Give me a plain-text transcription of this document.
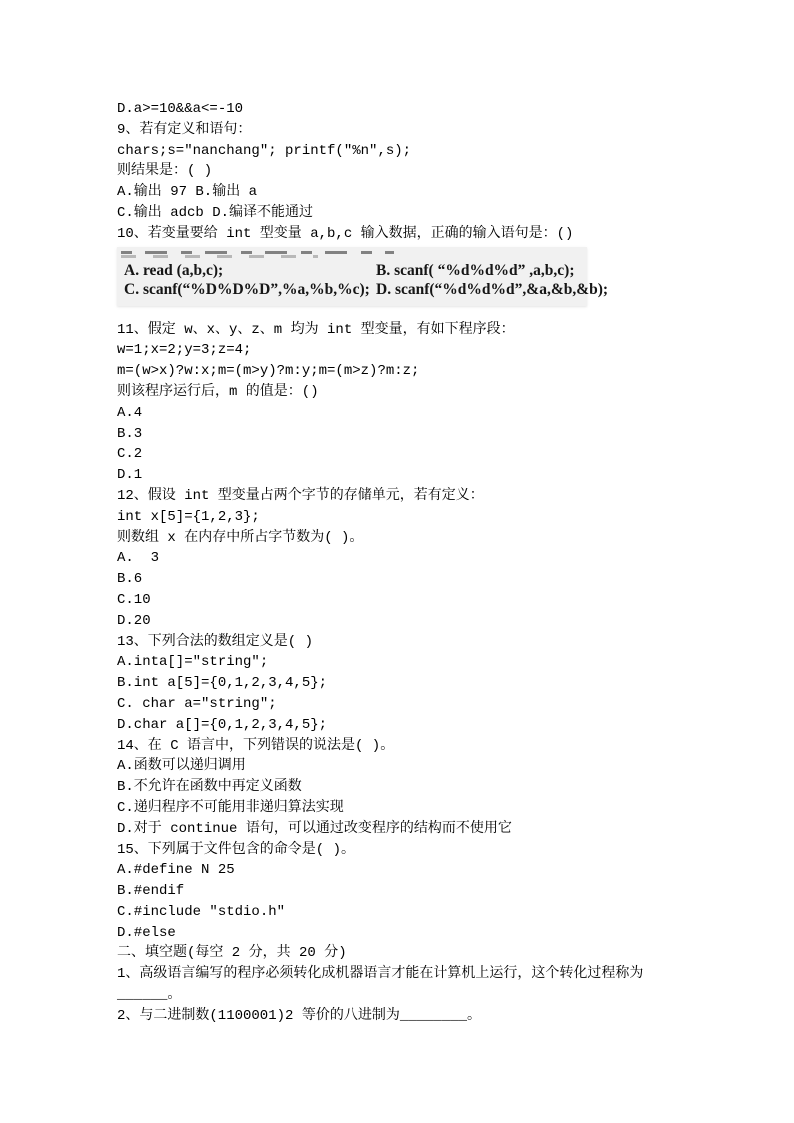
D.a>=10&&a<=-10
9、若有定义和语句：
chars;s=″nanchang″; printf(″%n″,s);
则结果是：( )
A.输出 97 B.输出 a
C.输出 adcb D.编译不能通过
10、若变量要给 int 型变量 a,b,c 输入数据，正确的输入语句是：()
A. read (a,b,c);	B. scanf( “%d%d%d” ,a,b,c);
C. scanf(“%D%D%D”,%a,%b,%c); D. scanf(“%d%d%d”,&a,&b,&b);
11、假定 w、x、y、z、m 均为 int 型变量，有如下程序段：
w=1;x=2;y=3;z=4;
m=(w>x)?w:x;m=(m>y)?m:y;m=(m>z)?m:z;
则该程序运行后，m 的值是：()
A.4
B.3
C.2
D.1
12、假设 int 型变量占两个字节的存储单元，若有定义：
int x[5]={1,2,3};
则数组 x 在内存中所占字节数为( )。
A.  3
B.6
C.10
D.20
13、下列合法的数组定义是( )
A.inta[]=″string″;
B.int a[5]={0,1,2,3,4,5};
C. char a=″string″;
D.char a[]={0,1,2,3,4,5};
14、在 C 语言中，下列错误的说法是( )。
A.函数可以递归调用
B.不允许在函数中再定义函数
C.递归程序不可能用非递归算法实现
D.对于 continue 语句，可以通过改变程序的结构而不使用它
15、下列属于文件包含的命令是( )。
A.#define N 25
B.#endif
C.#include ″stdio.h″
D.#else
二、填空题(每空 2 分，共 20 分)
1、高级语言编写的程序必须转化成机器语言才能在计算机上运行，这个转化过程称为
______。
2、与二进制数(1100001)2 等价的八进制为________。
